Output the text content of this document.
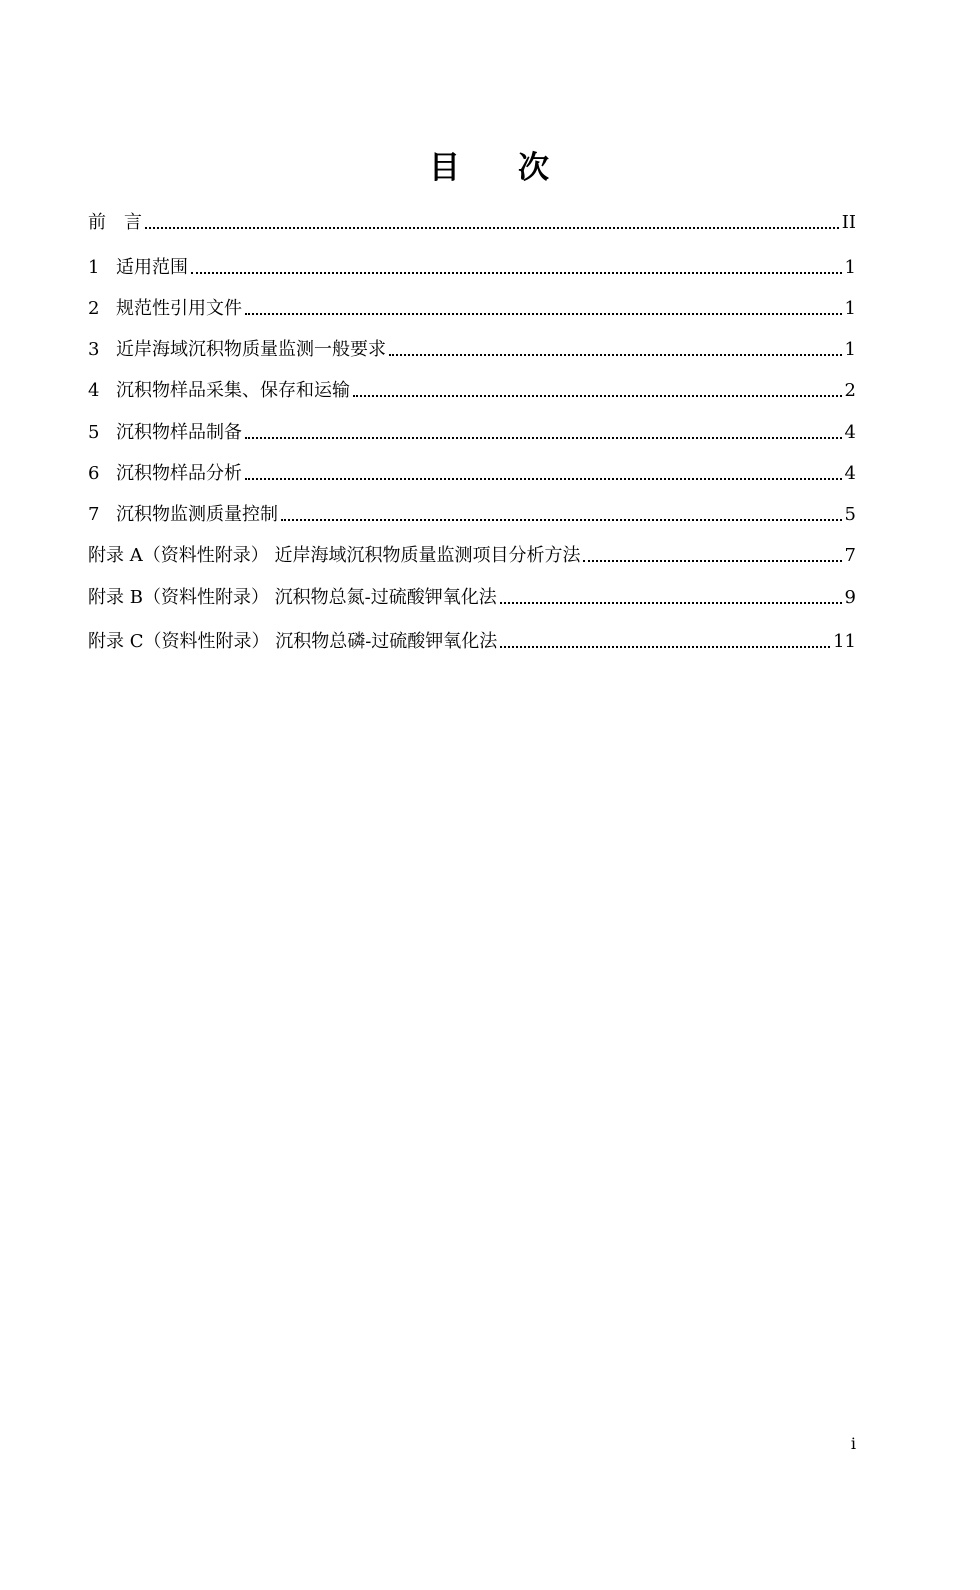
目 次
前　言	II
1 适用范围	1
2 规范性引用文件	1
3 近岸海域沉积物质量监测一般要求	1
4 沉积物样品采集、保存和运输	2
5 沉积物样品制备	4
6 沉积物样品分析	4
7 沉积物监测质量控制	5
附录 A（资料性附录） 近岸海域沉积物质量监测项目分析方法	7
附录 B（资料性附录） 沉积物总氮-过硫酸钾氧化法	9
附录 C（资料性附录） 沉积物总磷-过硫酸钾氧化法	11
i
